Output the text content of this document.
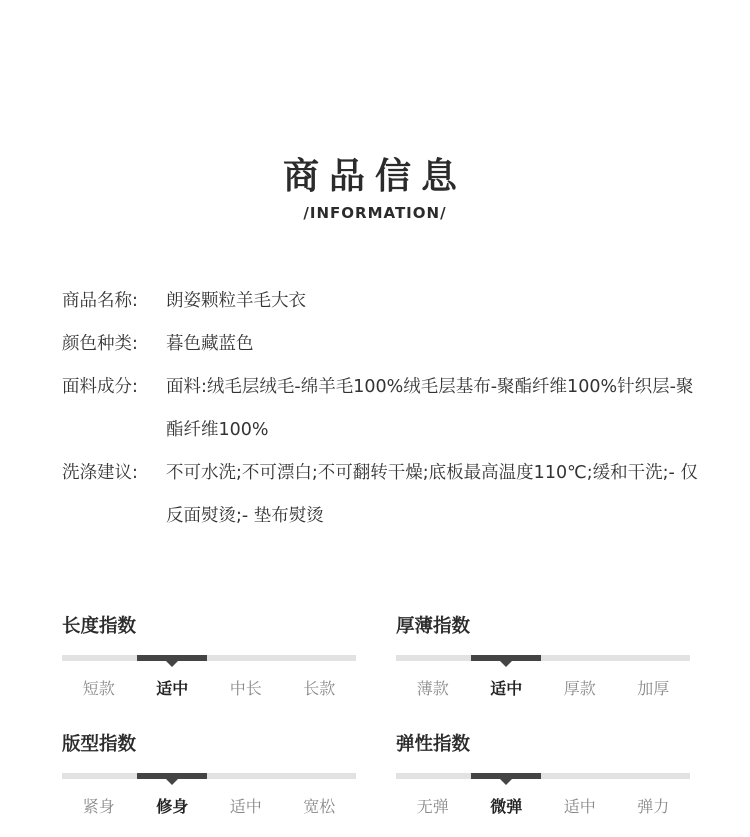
商品信息
/INFORMATION/
商品名称:	朗姿颗粒羊毛大衣
颜色种类:	暮色藏蓝色
面料成分:	面料:绒毛层绒毛-绵羊毛100%绒毛层基布-聚酯纤维100%针织层-聚酯纤维100%
洗涤建议:	不可水洗;不可漂白;不可翻转干燥;底板最高温度110℃;缓和干洗;- 仅反面熨烫;- 垫布熨烫
长度指数
短款	适中	中长	长款
厚薄指数
薄款	适中	厚款	加厚
版型指数
紧身	修身	适中	宽松
弹性指数
无弹	微弹	适中	弹力
